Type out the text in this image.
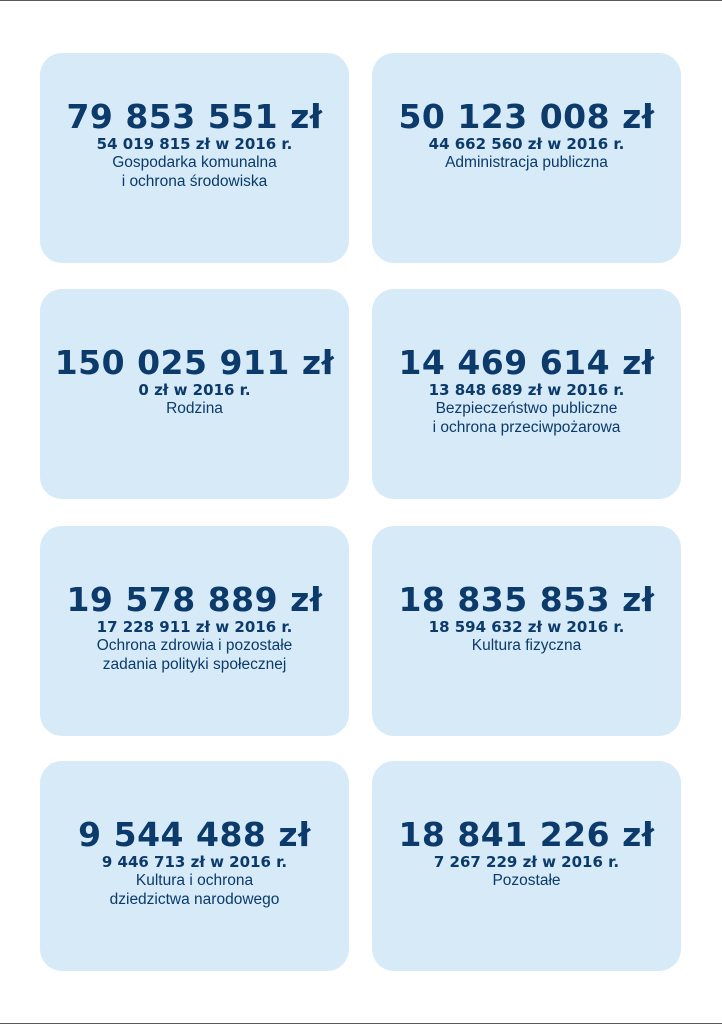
79 853 551 zł
54 019 815 zł w 2016 r.
Gospodarka komunalna
i ochrona środowiska
50 123 008 zł
44 662 560 zł w 2016 r.
Administracja publiczna
150 025 911 zł
0 zł w 2016 r.
Rodzina
14 469 614 zł
13 848 689 zł w 2016 r.
Bezpieczeństwo publiczne
i ochrona przeciwpożarowa
19 578 889 zł
17 228 911 zł w 2016 r.
Ochrona zdrowia i pozostałe
zadania polityki społecznej
18 835 853 zł
18 594 632 zł w 2016 r.
Kultura fizyczna
9 544 488 zł
9 446 713 zł w 2016 r.
Kultura i ochrona
dziedzictwa narodowego
18 841 226 zł
7 267 229 zł w 2016 r.
Pozostałe
